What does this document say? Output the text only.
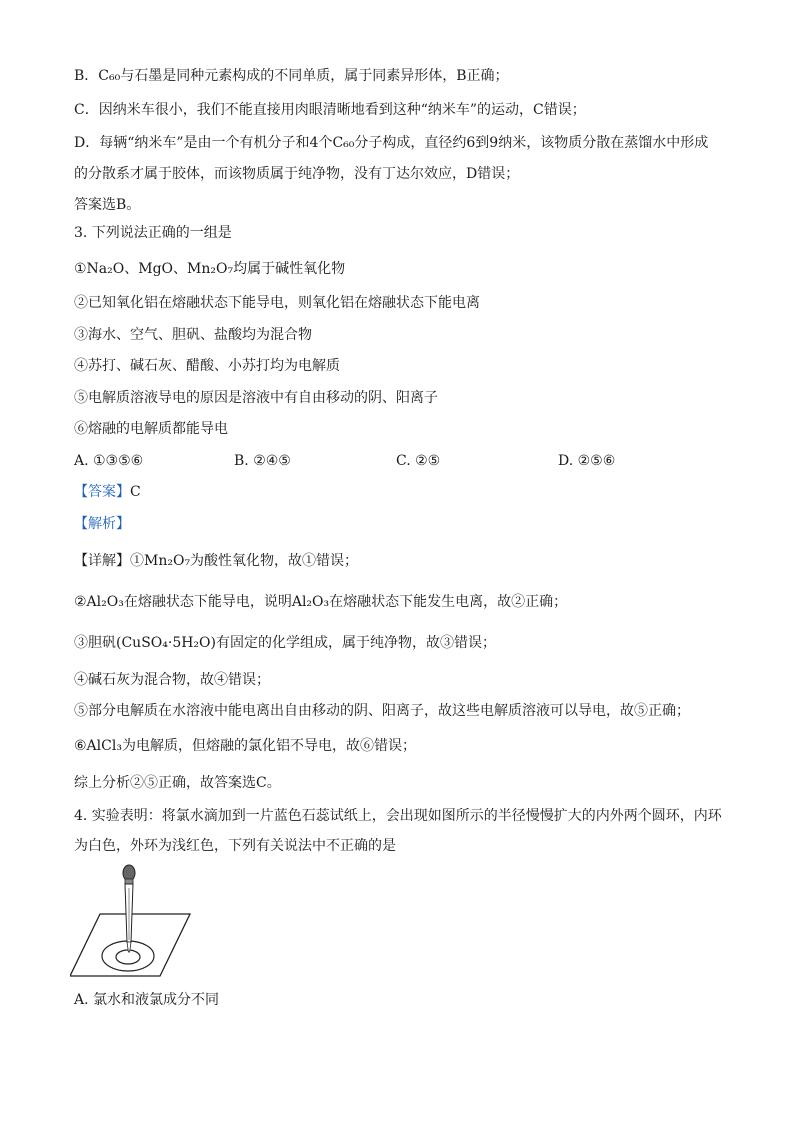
B．C₆₀与石墨是同种元素构成的不同单质，属于同素异形体，B正确；
C．因纳米车很小，我们不能直接用肉眼清晰地看到这种“纳米车”的运动，C错误；
D．每辆“纳米车”是由一个有机分子和4个C₆₀分子构成，直径约6到9纳米，该物质分散在蒸馏水中形成
的分散系才属于胶体，而该物质属于纯净物，没有丁达尔效应，D错误；
答案选B。
3. 下列说法正确的一组是
①Na₂O、MgO、Mn₂O₇均属于碱性氧化物
②已知氧化铝在熔融状态下能导电，则氧化铝在熔融状态下能电离
③海水、空气、胆矾、盐酸均为混合物
④苏打、碱石灰、醋酸、小苏打均为电解质
⑤电解质溶液导电的原因是溶液中有自由移动的阴、阳离子
⑥熔融的电解质都能导电
A. ①③⑤⑥	B. ②④⑤	C. ②⑤	D. ②⑤⑥
【答案】C
【解析】
【详解】①Mn₂O₇为酸性氧化物，故①错误；
②Al₂O₃在熔融状态下能导电，说明Al₂O₃在熔融状态下能发生电离，故②正确；
③胆矾(CuSO₄·5H₂O)有固定的化学组成，属于纯净物，故③错误；
④碱石灰为混合物，故④错误；
⑤部分电解质在水溶液中能电离出自由移动的阴、阳离子，故这些电解质溶液可以导电，故⑤正确；
⑥AlCl₃为电解质，但熔融的氯化铝不导电，故⑥错误；
综上分析②⑤正确，故答案选C。
4. 实验表明：将氯水滴加到一片蓝色石蕊试纸上，会出现如图所示的半径慢慢扩大的内外两个圆环，内环
为白色，外环为浅红色，下列有关说法中不正确的是
A. 氯水和液氯成分不同
